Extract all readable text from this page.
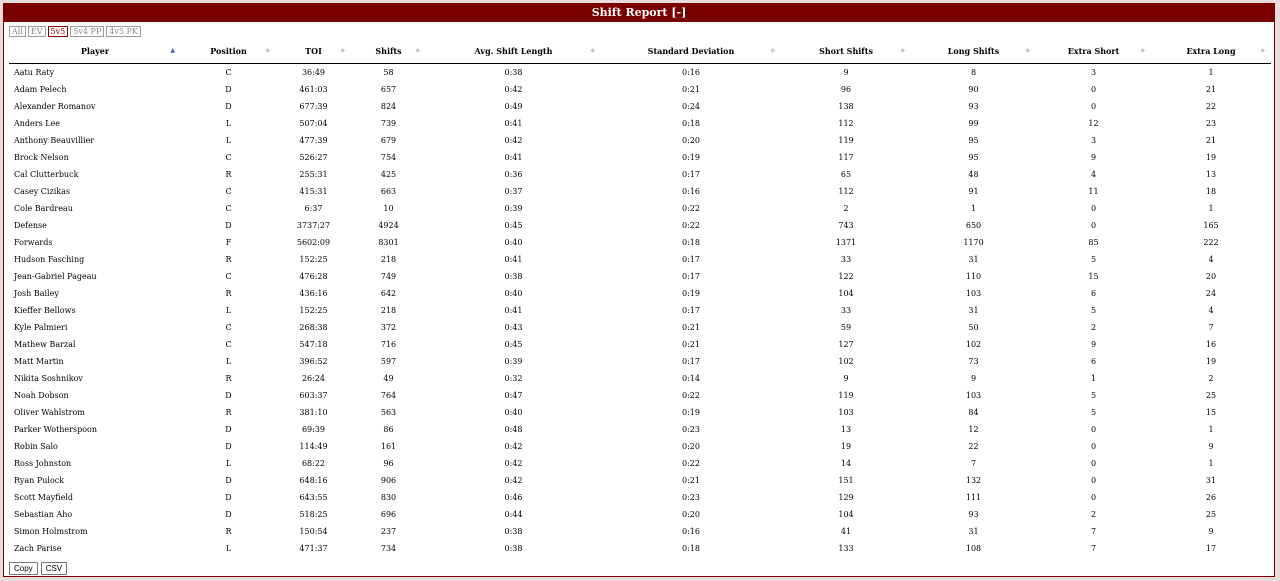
Shift Report [-]
All	EV	5v5	5v4 PP	4v5 PK
Player ▲	Position ◆	TOI ◆	Shifts ◆	Avg. Shift Length ◆	Standard Deviation ◆	Short Shifts ◆	Long Shifts ◆	Extra Short ◆	Extra Long ◆

Aatu Raty	C	36:49	58	0:38	0:16	9	8	3	1
Adam Pelech	D	461:03	657	0:42	0:21	96	90	0	21
Alexander Romanov	D	677:39	824	0:49	0:24	138	93	0	22
Anders Lee	L	507:04	739	0:41	0:18	112	99	12	23
Anthony Beauvillier	L	477:39	679	0:42	0:20	119	95	3	21
Brock Nelson	C	526:27	754	0:41	0:19	117	95	9	19
Cal Clutterbuck	R	255:31	425	0:36	0:17	65	48	4	13
Casey Cizikas	C	415:31	663	0:37	0:16	112	91	11	18
Cole Bardreau	C	6:37	10	0:39	0:22	2	1	0	1
Defense	D	3737:27	4924	0:45	0:22	743	650	0	165
Forwards	F	5602:09	8301	0:40	0:18	1371	1170	85	222
Hudson Fasching	R	152:25	218	0:41	0:17	33	31	5	4
Jean-Gabriel Pageau	C	476:28	749	0:38	0:17	122	110	15	20
Josh Bailey	R	436:16	642	0:40	0:19	104	103	6	24
Kieffer Bellows	L	152:25	218	0:41	0:17	33	31	5	4
Kyle Palmieri	C	268:38	372	0:43	0:21	59	50	2	7
Mathew Barzal	C	547:18	716	0:45	0:21	127	102	9	16
Matt Martin	L	396:52	597	0:39	0:17	102	73	6	19
Nikita Soshnikov	R	26:24	49	0:32	0:14	9	9	1	2
Noah Dobson	D	603:37	764	0:47	0:22	119	103	5	25
Oliver Wahlstrom	R	381:10	563	0:40	0:19	103	84	5	15
Parker Wotherspoon	D	69:39	86	0:48	0:23	13	12	0	1
Robin Salo	D	114:49	161	0:42	0:20	19	22	0	9
Ross Johnston	L	68:22	96	0:42	0:22	14	7	0	1
Ryan Pulock	D	648:16	906	0:42	0:21	151	132	0	31
Scott Mayfield	D	643:55	830	0:46	0:23	129	111	0	26
Sebastian Aho	D	518:25	696	0:44	0:20	104	93	2	25
Simon Holmstrom	R	150:54	237	0:38	0:16	41	31	7	9
Zach Parise	L	471:37	734	0:38	0:18	133	108	7	17
Copy	CSV
